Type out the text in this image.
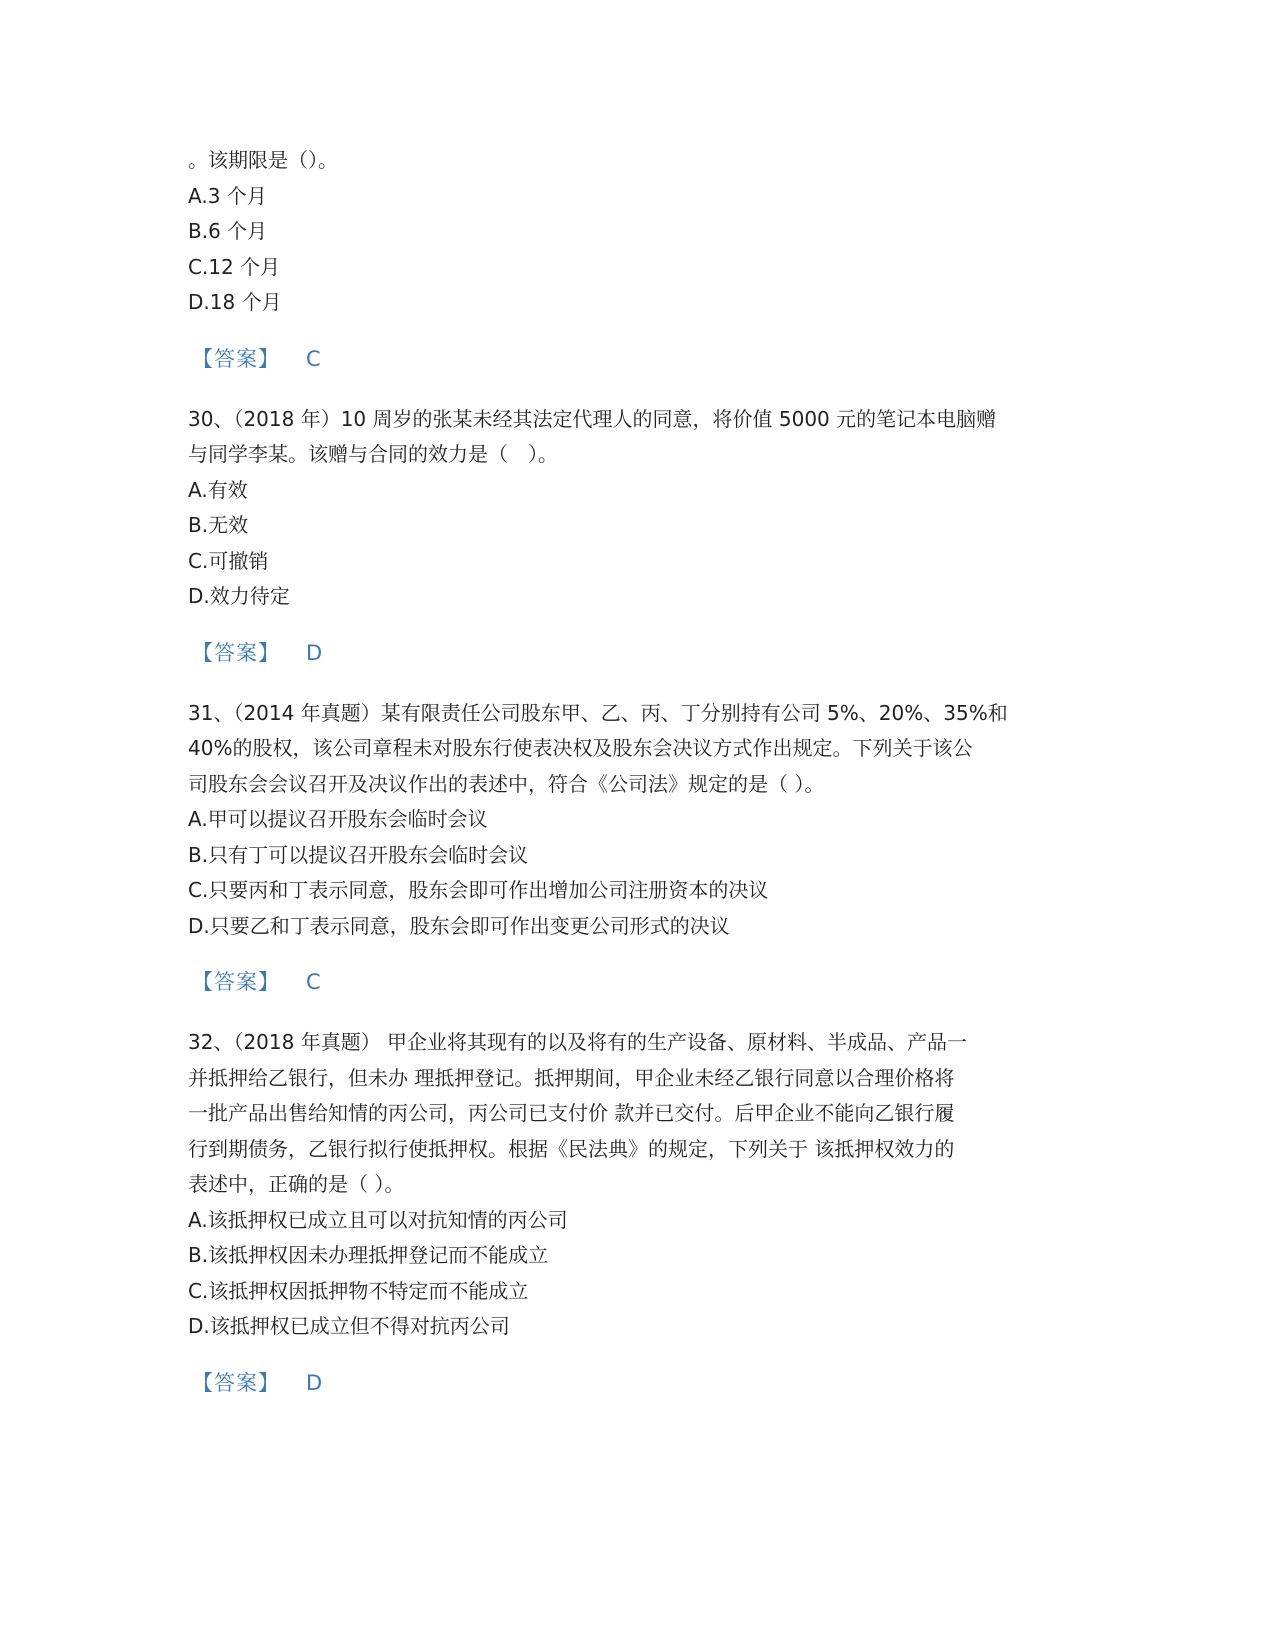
。该期限是（）。

A.3 个月

B.6 个月

C.12 个月

D.18 个月

【答案】 C

30、（2018 年）10 周岁的张某未经其法定代理人的同意，将价值 5000 元的笔记本电脑赠

与同学李某。该赠与合同的效力是（　）。

A.有效

B.无效

C.可撤销

D.效力待定

【答案】 D

31、（2014 年真题）某有限责任公司股东甲、乙、丙、丁分别持有公司 5%、20%、35%和

40%的股权，该公司章程未对股东行使表决权及股东会决议方式作出规定。下列关于该公

司股东会会议召开及决议作出的表述中，符合《公司法》规定的是（ ）。

A.甲可以提议召开股东会临时会议

B.只有丁可以提议召开股东会临时会议

C.只要丙和丁表示同意，股东会即可作出增加公司注册资本的决议

D.只要乙和丁表示同意，股东会即可作出变更公司形式的决议

【答案】 C

32、（2018 年真题） 甲企业将其现有的以及将有的生产设备、原材料、半成品、产品一

并抵押给乙银行，但未办 理抵押登记。抵押期间，甲企业未经乙银行同意以合理价格将

一批产品出售给知情的丙公司，丙公司已支付价 款并已交付。后甲企业不能向乙银行履

行到期债务，乙银行拟行使抵押权。根据《民法典》的规定，下列关于 该抵押权效力的

表述中，正确的是（ ）。

A.该抵押权已成立且可以对抗知情的丙公司

B.该抵押权因未办理抵押登记而不能成立

C.该抵押权因抵押物不特定而不能成立

D.该抵押权已成立但不得对抗丙公司

【答案】 D
